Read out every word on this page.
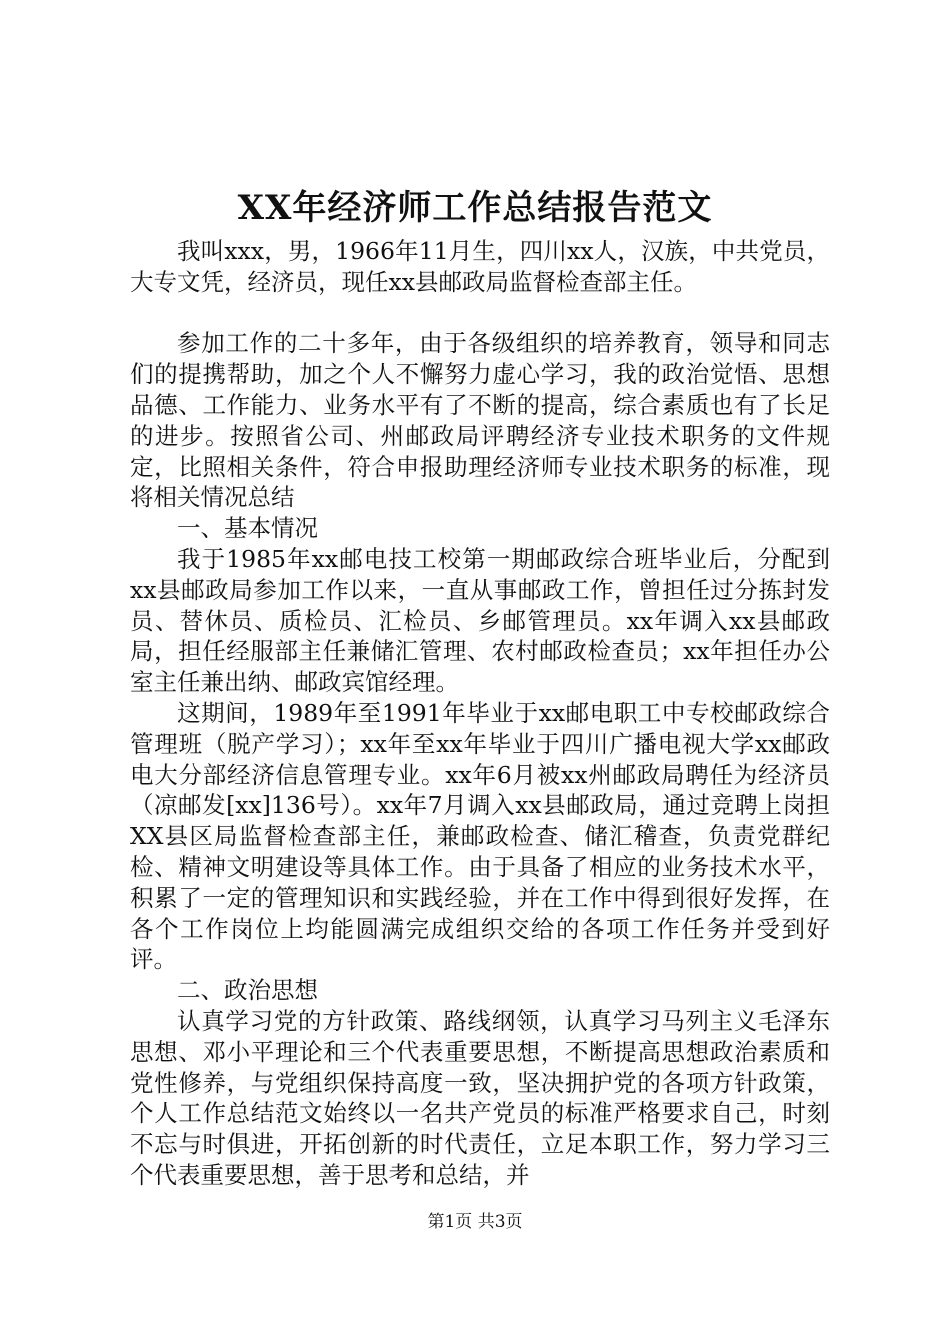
XX年经济师工作总结报告范文

我叫xxx，男，1966年11月生，四川xx人，汉族，中共党员，大专文凭，经济员，现任xx县邮政局监督检查部主任。

参加工作的二十多年，由于各级组织的培养教育，领导和同志们的提携帮助，加之个人不懈努力虚心学习，我的政治觉悟、思想品德、工作能力、业务水平有了不断的提高，综合素质也有了长足的进步。按照省公司、州邮政局评聘经济专业技术职务的文件规定，比照相关条件，符合申报助理经济师专业技术职务的标准，现将相关情况总结

一、基本情况

我于1985年xx邮电技工校第一期邮政综合班毕业后，分配到xx县邮政局参加工作以来，一直从事邮政工作，曾担任过分拣封发员、替休员、质检员、汇检员、乡邮管理员。xx年调入xx县邮政局，担任经服部主任兼储汇管理、农村邮政检查员；xx年担任办公室主任兼出纳、邮政宾馆经理。

这期间，1989年至1991年毕业于xx邮电职工中专校邮政综合管理班（脱产学习）；xx年至xx年毕业于四川广播电视大学xx邮政电大分部经济信息管理专业。xx年6月被xx州邮政局聘任为经济员（凉邮发[xx]136号）。xx年7月调入xx县邮政局，通过竞聘上岗担XX县区局监督检查部主任，兼邮政检查、储汇稽查，负责党群纪检、精神文明建设等具体工作。由于具备了相应的业务技术水平，积累了一定的管理知识和实践经验，并在工作中得到很好发挥，在各个工作岗位上均能圆满完成组织交给的各项工作任务并受到好评。

二、政治思想

认真学习党的方针政策、路线纲领，认真学习马列主义毛泽东思想、邓小平理论和三个代表重要思想，不断提高思想政治素质和党性修养，与党组织保持高度一致，坚决拥护党的各项方针政策，个人工作总结范文始终以一名共产党员的标准严格要求自己，时刻不忘与时俱进，开拓创新的时代责任，立足本职工作，努力学习三个代表重要思想，善于思考和总结，并

第1页 共3页
